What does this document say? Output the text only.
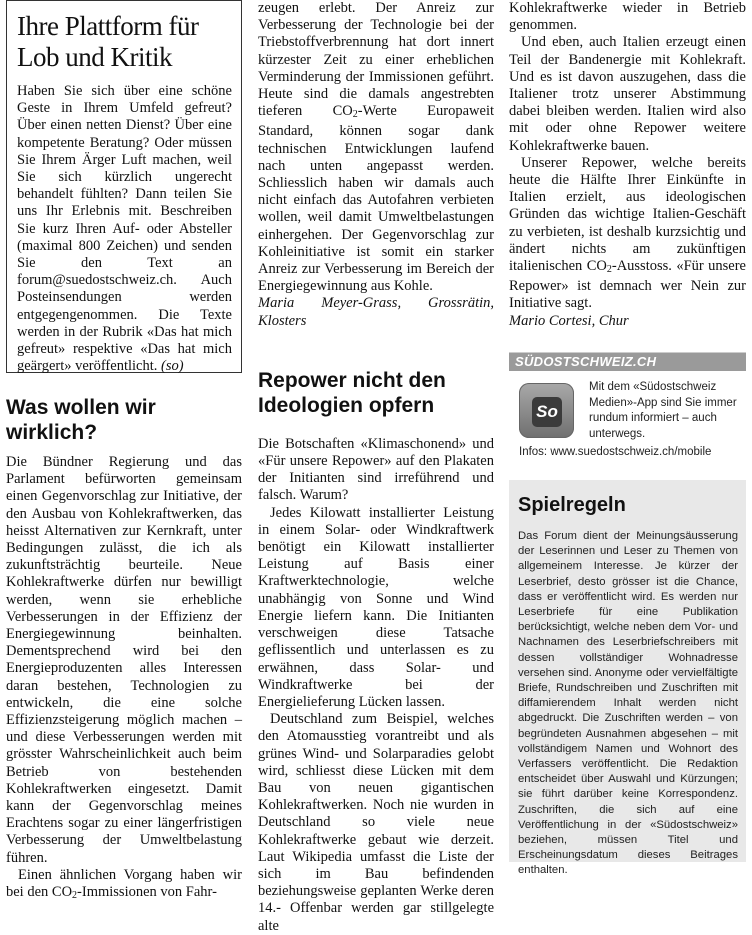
Ihre Plattform für Lob und Kritik

Haben Sie sich über eine schöne Geste in Ihrem Umfeld gefreut? Über einen netten Dienst? Über eine kompetente Beratung? Oder müssen Sie Ihrem Ärger Luft machen, weil Sie sich kürzlich ungerecht behandelt fühlten? Dann teilen Sie uns Ihr Erlebnis mit. Beschreiben Sie kurz Ihren Auf- oder Absteller (maximal 800 Zeichen) und senden Sie den Text an forum@suedostschweiz.ch. Auch Posteinsendungen werden entgegengenommen. Die Texte werden in der Rubrik «Das hat mich gefreut» respektive «Das hat mich geärgert» veröffentlicht. (so)

Was wollen wir wirklich?

Die Bündner Regierung und das Parlament befürworten gemeinsam einen Gegenvorschlag zur Initiative, der den Ausbau von Kohlekraftwerken, das heisst Alternativen zur Kernkraft, unter Bedingungen zulässt, die ich als zukunftsträchtig beurteile. Neue Kohlekraftwerke dürfen nur bewilligt werden, wenn sie erhebliche Verbesserungen in der Effizienz der Energiegewinnung beinhalten. Dementsprechend wird bei den Energieproduzenten alles Interessen daran bestehen, Technologien zu entwickeln, die eine solche Effizienzsteigerung möglich machen – und diese Verbesserungen werden mit grösster Wahrscheinlichkeit auch beim Betrieb von bestehenden Kohlekraftwerken eingesetzt. Damit kann der Gegenvorschlag meines Erachtens sogar zu einer längerfristigen Verbesserung der Umweltbelastung führen.

Einen ähnlichen Vorgang haben wir bei den $CO_2$-Immissionen von Fahr-

zeugen erlebt. Der Anreiz zur Verbesserung der Technologie bei der Triebstoffverbrennung hat dort innert kürzester Zeit zu einer erheblichen Verminderung der Immissionen geführt. Heute sind die damals angestrebten tieferen $CO_2$-Werte Europaweit Standard, können sogar dank technischen Entwicklungen laufend nach unten angepasst werden. Schliesslich haben wir damals auch nicht einfach das Autofahren verbieten wollen, weil damit Umweltbelastungen einhergehen. Der Gegenvorschlag zur Kohleinitiative ist somit ein starker Anreiz zur Verbesserung im Bereich der Energiegewinnung aus Kohle.

Maria Meyer-Grass, Grossrätin, Klosters

Repower nicht den Ideologien opfern

Die Botschaften «Klimaschonend» und «Für unsere Repower» auf den Plakaten der Initianten sind irreführend und falsch. Warum?

Jedes Kilowatt installierter Leistung in einem Solar- oder Windkraftwerk benötigt ein Kilowatt installierter Leistung auf Basis einer Kraftwerktechnologie, welche unabhängig von Sonne und Wind Energie liefern kann. Die Initianten verschweigen diese Tatsache geflissentlich und unterlassen es zu erwähnen, dass Solar- und Windkraftwerke bei der Energielieferung Lücken lassen.

Deutschland zum Beispiel, welches den Atomausstieg vorantreibt und als grünes Wind- und Solarparadies gelobt wird, schliesst diese Lücken mit dem Bau von neuen gigantischen Kohlekraftwerken. Noch nie wurden in Deutschland so viele neue Kohlekraftwerke gebaut wie derzeit. Laut Wikipedia umfasst die Liste der sich im Bau befindenden beziehungsweise geplanten Werke deren 14.- Offenbar werden gar stillgelegte alte

Kohlekraftwerke wieder in Betrieb genommen.

Und eben, auch Italien erzeugt einen Teil der Bandenergie mit Kohlekraft. Und es ist davon auszugehen, dass die Italiener trotz unserer Abstimmung dabei bleiben werden. Italien wird also mit oder ohne Repower weitere Kohlekraftwerke bauen.

Unserer Repower, welche bereits heute die Hälfte Ihrer Einkünfte in Italien erzielt, aus ideologischen Gründen das wichtige Italien-Geschäft zu verbieten, ist deshalb kurzsichtig und ändert nichts am zukünftigen italienischen $CO_2$-Ausstoss. «Für unsere Repower» ist demnach wer Nein zur Initiative sagt.

Mario Cortesi, Chur

SÜDOSTSCHWEIZ.CH
So
Mit dem «Südostschweiz Medien»-App sind Sie immer rundum informiert – auch unterwegs.
Infos: www.suedostschweiz.ch/mobile
Spielregeln

Das Forum dient der Meinungsäusserung der Leserinnen und Leser zu Themen von allgemeinem Interesse. Je kürzer der Leserbrief, desto grösser ist die Chance, dass er veröffentlicht wird. Es werden nur Leserbriefe für eine Publikation berücksichtigt, welche neben dem Vor- und Nachnamen des Leserbriefschreibers mit dessen vollständiger Wohnadresse versehen sind. Anonyme oder vervielfältigte Briefe, Rundschreiben und Zuschriften mit diffamierendem Inhalt werden nicht abgedruckt. Die Zuschriften werden – von begründeten Ausnahmen abgesehen – mit vollständigem Namen und Wohnort des Verfassers veröffentlicht. Die Redaktion entscheidet über Auswahl und Kürzungen; sie führt darüber keine Korrespondenz. Zuschriften, die sich auf eine Veröffentlichung in der «Südostschweiz» beziehen, müssen Titel und Erscheinungsdatum dieses Beitrages enthalten.
